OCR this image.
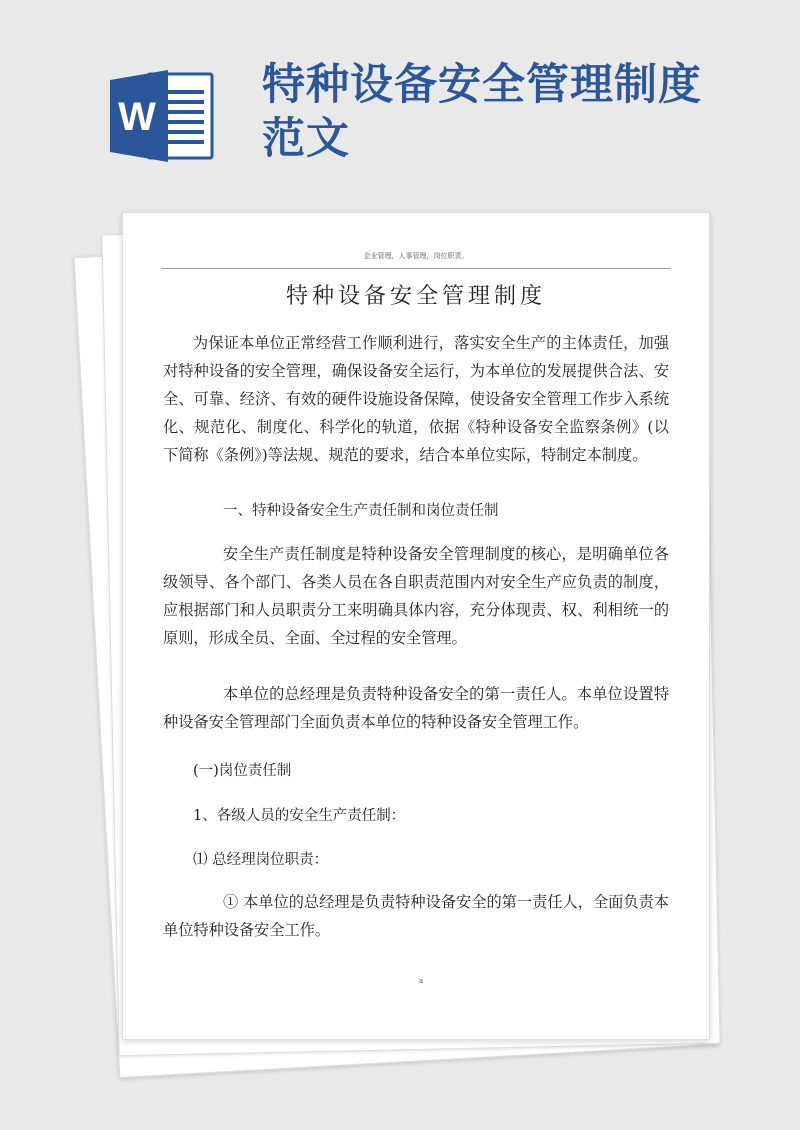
W
特种设备安全管理制度范文
企业管理，人事管理，岗位职责。
特种设备安全管理制度
为保证本单位正常经营工作顺利进行，落实安全生产的主体责任，加强对特种设备的安全管理，确保设备安全运行，为本单位的发展提供合法、安全、可靠、经济、有效的硬件设施设备保障，使设备安全管理工作步入系统化、规范化、制度化、科学化的轨道，依据《特种设备安全监察条例》(以下简称《条例》)等法规、规范的要求，结合本单位实际，特制定本制度。
一、特种设备安全生产责任制和岗位责任制
安全生产责任制度是特种设备安全管理制度的核心，是明确单位各级领导、各个部门、各类人员在各自职责范围内对安全生产应负责的制度，应根据部门和人员职责分工来明确具体内容，充分体现责、权、利相统一的原则，形成全员、全面、全过程的安全管理。
本单位的总经理是负责特种设备安全的第一责任人。本单位设置特种设备安全管理部门全面负责本单位的特种设备安全管理工作。
(一)岗位责任制
1、各级人员的安全生产责任制：
⑴ 总经理岗位职责：
① 本单位的总经理是负责特种设备安全的第一责任人，全面负责本单位特种设备安全工作。
a
